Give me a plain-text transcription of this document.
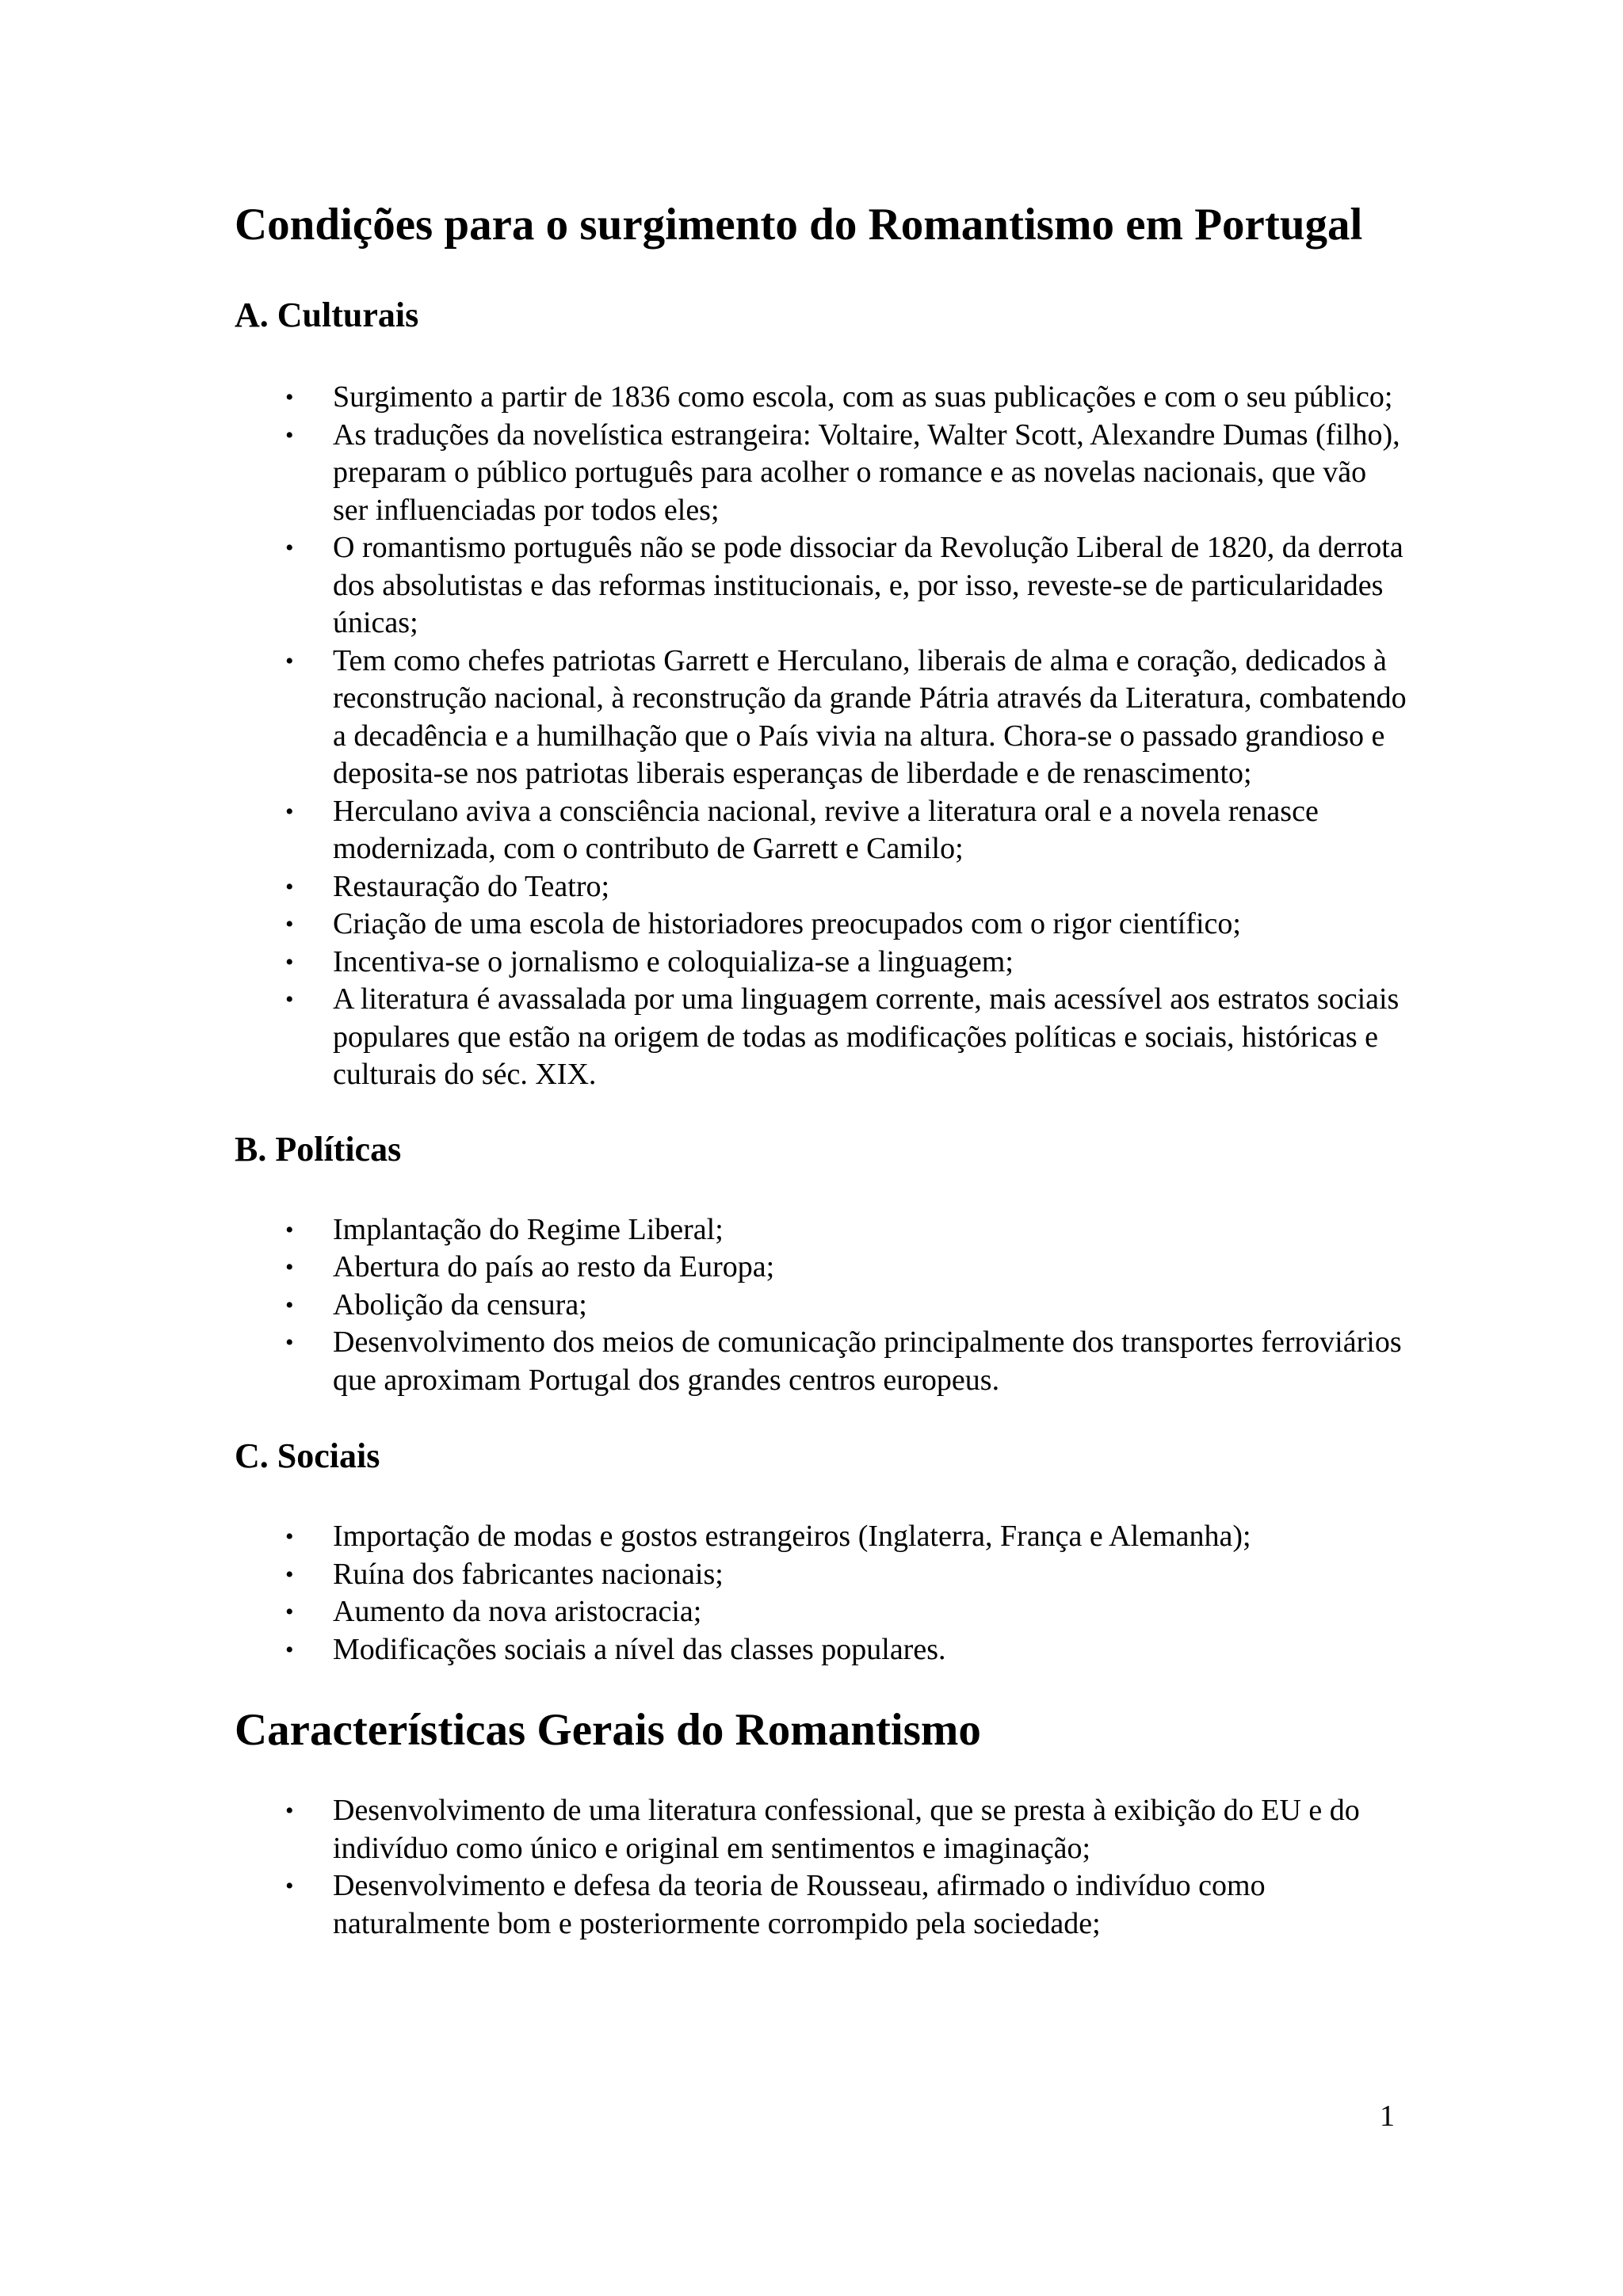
Condições para o surgimento do Romantismo em Portugal
A. Culturais
• Surgimento a partir de 1836 como escola, com as suas publicações e com o seu público;
• As traduções da novelística estrangeira: Voltaire, Walter Scott, Alexandre Dumas (filho), preparam o público português para acolher o romance e as novelas nacionais, que vão ser influenciadas por todos eles;
• O romantismo português não se pode dissociar da Revolução Liberal de 1820, da derrota dos absolutistas e das reformas institucionais, e, por isso, reveste-se de particularidades únicas;
• Tem como chefes patriotas Garrett e Herculano, liberais de alma e coração, dedicados à reconstrução nacional, à reconstrução da grande Pátria através da Literatura, combatendo a decadência e a humilhação que o País vivia na altura. Chora-se o passado grandioso e deposita-se nos patriotas liberais esperanças de liberdade e de renascimento;
• Herculano aviva a consciência nacional, revive a literatura oral e a novela renasce modernizada, com o contributo de Garrett e Camilo;
• Restauração do Teatro;
• Criação de uma escola de historiadores preocupados com o rigor científico;
• Incentiva-se o jornalismo e coloquializa-se a linguagem;
• A literatura é avassalada por uma linguagem corrente, mais acessível aos estratos sociais populares que estão na origem de todas as modificações políticas e sociais, históricas e culturais do séc. XIX.
B. Políticas
• Implantação do Regime Liberal;
• Abertura do país ao resto da Europa;
• Abolição da censura;
• Desenvolvimento dos meios de comunicação principalmente dos transportes ferroviários que aproximam Portugal dos grandes centros europeus.
C. Sociais
• Importação de modas e gostos estrangeiros (Inglaterra, França e Alemanha);
• Ruína dos fabricantes nacionais;
• Aumento da nova aristocracia;
• Modificações sociais a nível das classes populares.
Características Gerais do Romantismo
• Desenvolvimento de uma literatura confessional, que se presta à exibição do EU e do indivíduo como único e original em sentimentos e imaginação;
• Desenvolvimento e defesa da teoria de Rousseau, afirmado o indivíduo como naturalmente bom e posteriormente corrompido pela sociedade;
1
